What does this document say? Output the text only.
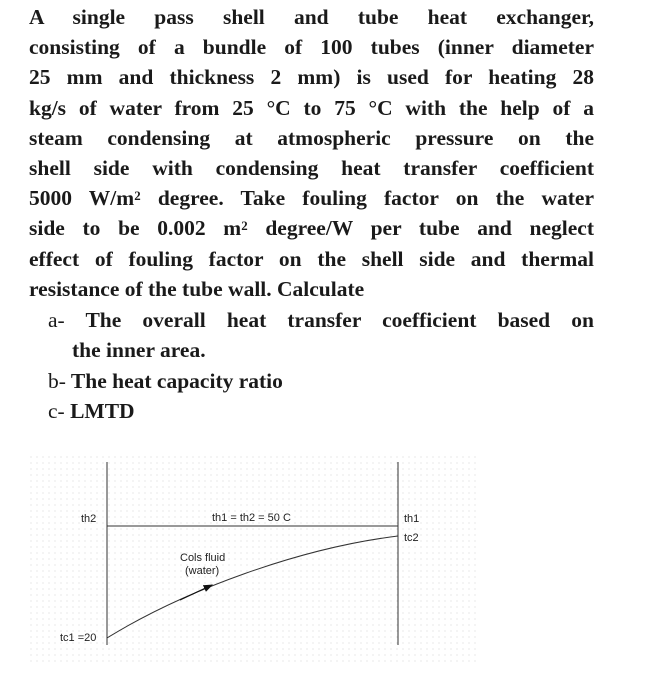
A single pass shell and tube heat exchanger,
consisting of a bundle of 100 tubes (inner diameter
25 mm and thickness 2 mm) is used for heating 28
kg/s of water from 25 °C to 75 °C with the help of a
steam condensing at atmospheric pressure on the
shell side with condensing heat transfer coefficient
5000 $W/m^2$ degree. Take fouling factor on the water
side to be 0.002 $m^2$ degree/W per tube and neglect
effect of fouling factor on the shell side and thermal
resistance of the tube wall. Calculate
a- The overall heat transfer coefficient based on
the inner area.
b- The heat capacity ratio
c- LMTD
th2	th1 = th2 = 50 C	th1
tc2
Cols fluid
(water)
tc1 =20
